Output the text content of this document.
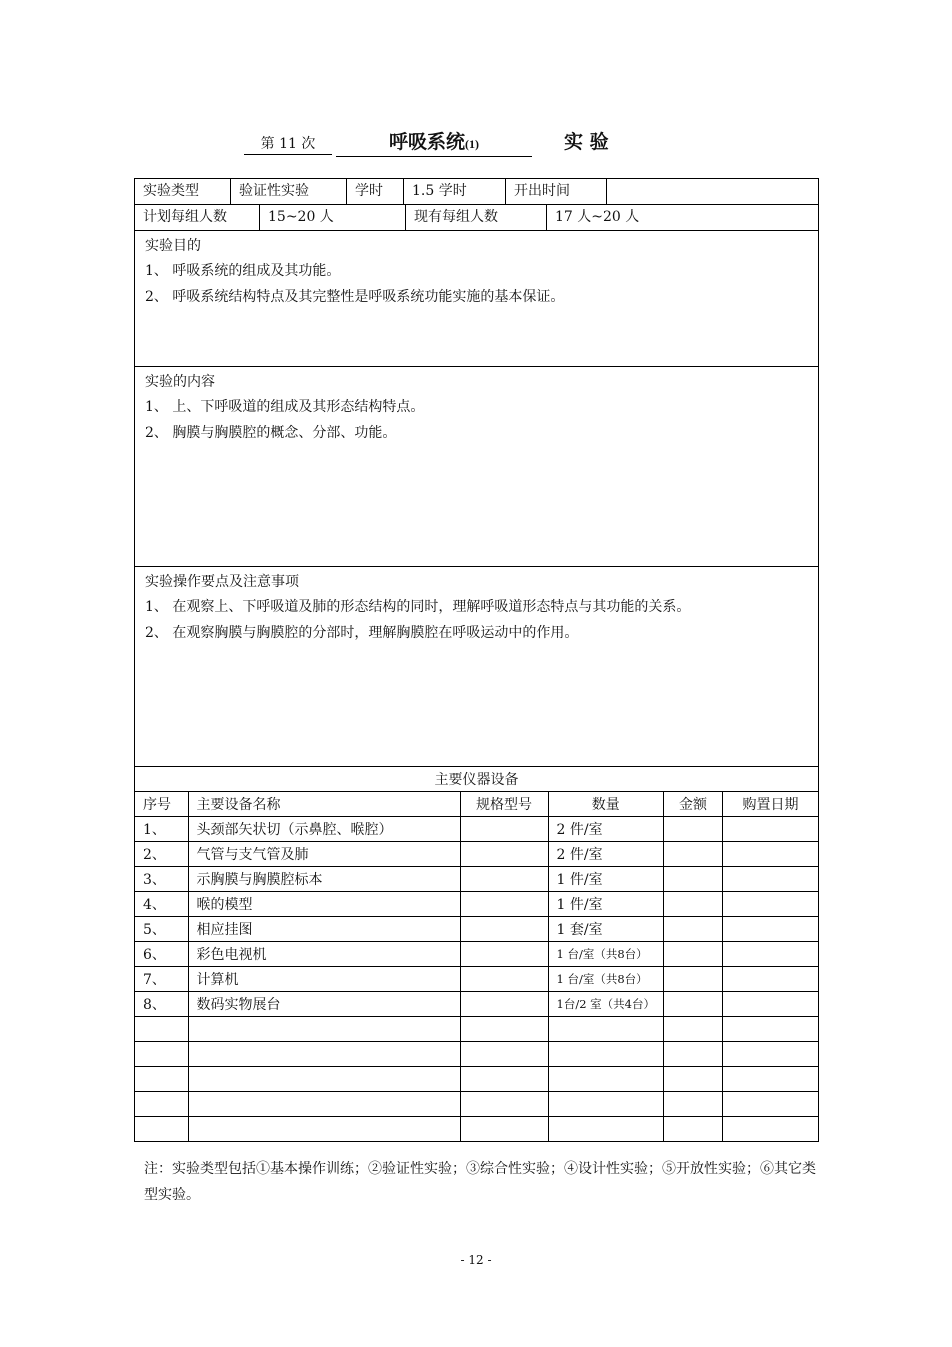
第 11 次	呼吸系统(1)	实 验
实验类型	验证性实验	学时	1.5 学时	开出时间
计划每组人数	15~20 人	现有每组人数	17 人~20 人
实验目的
1、 呼吸系统的组成及其功能。
2、 呼吸系统结构特点及其完整性是呼吸系统功能实施的基本保证。
实验的内容
1、 上、下呼吸道的组成及其形态结构特点。
2、 胸膜与胸膜腔的概念、分部、功能。
实验操作要点及注意事项
1、 在观察上、下呼吸道及肺的形态结构的同时，理解呼吸道形态特点与其功能的关系。
2、 在观察胸膜与胸膜腔的分部时，理解胸膜腔在呼吸运动中的作用。
主要仪器设备					
序号	主要设备名称	规格型号	数量	金额	购置日期
1、	头颈部矢状切（示鼻腔、喉腔）		2 件/室		
2、	气管与支气管及肺		2 件/室		
3、	示胸膜与胸膜腔标本		1 件/室		
4、	喉的模型		1 件/室		
5、	相应挂图		1 套/室		
6、	彩色电视机		1 台/室（共8台）		
7、	计算机		1 台/室（共8台）		
8、	数码实物展台		1台/2 室（共4台）		

注：实验类型包括①基本操作训练；②验证性实验；③综合性实验；④设计性实验；⑤开放性实验；⑥其它类型实验。
- 12 -
